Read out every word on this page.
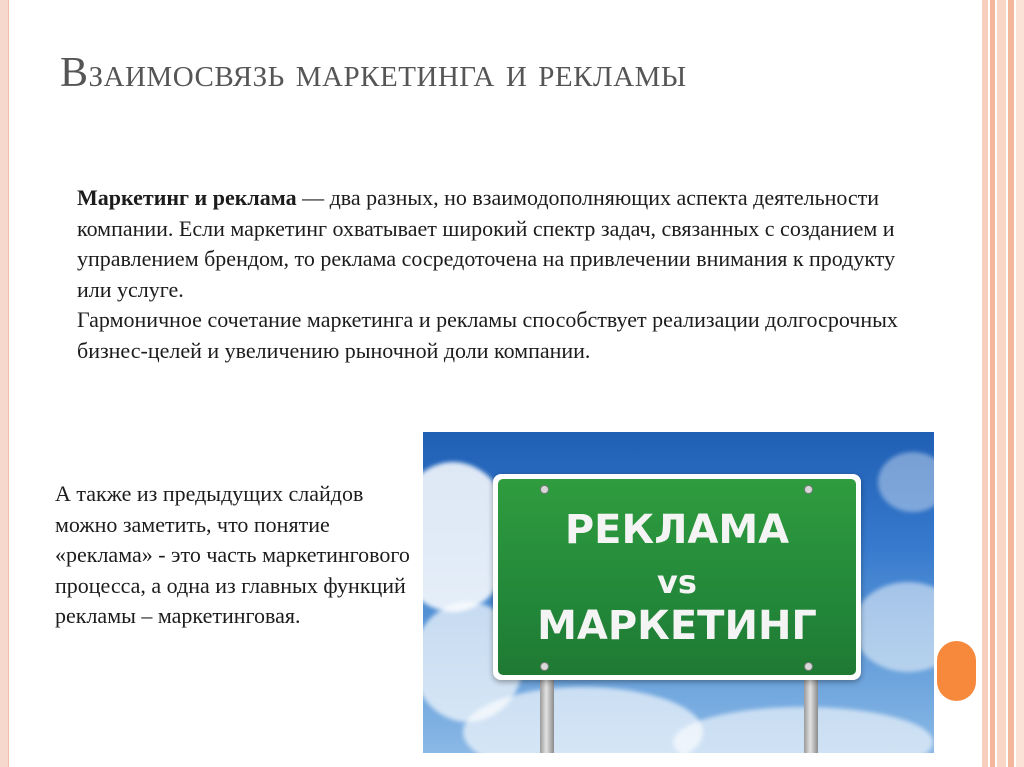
Взаимосвязь маркетинга и рекламы
Маркетинг и реклама — два разных, но взаимодополняющих аспекта деятельности компании. Если маркетинг охватывает широкий спектр задач, связанных с созданием и управлением брендом, то реклама сосредоточена на привлечении внимания к продукту или услуге.
Гармоничное сочетание маркетинга и рекламы способствует реализации долгосрочных бизнес-целей и увеличению рыночной доли компании.
А также из предыдущих слайдов можно заметить, что понятие «реклама» - это часть маркетингового процесса, а одна из главных функций рекламы – маркетинговая.
РЕКЛАМА
vs
МАРКЕТИНГ
